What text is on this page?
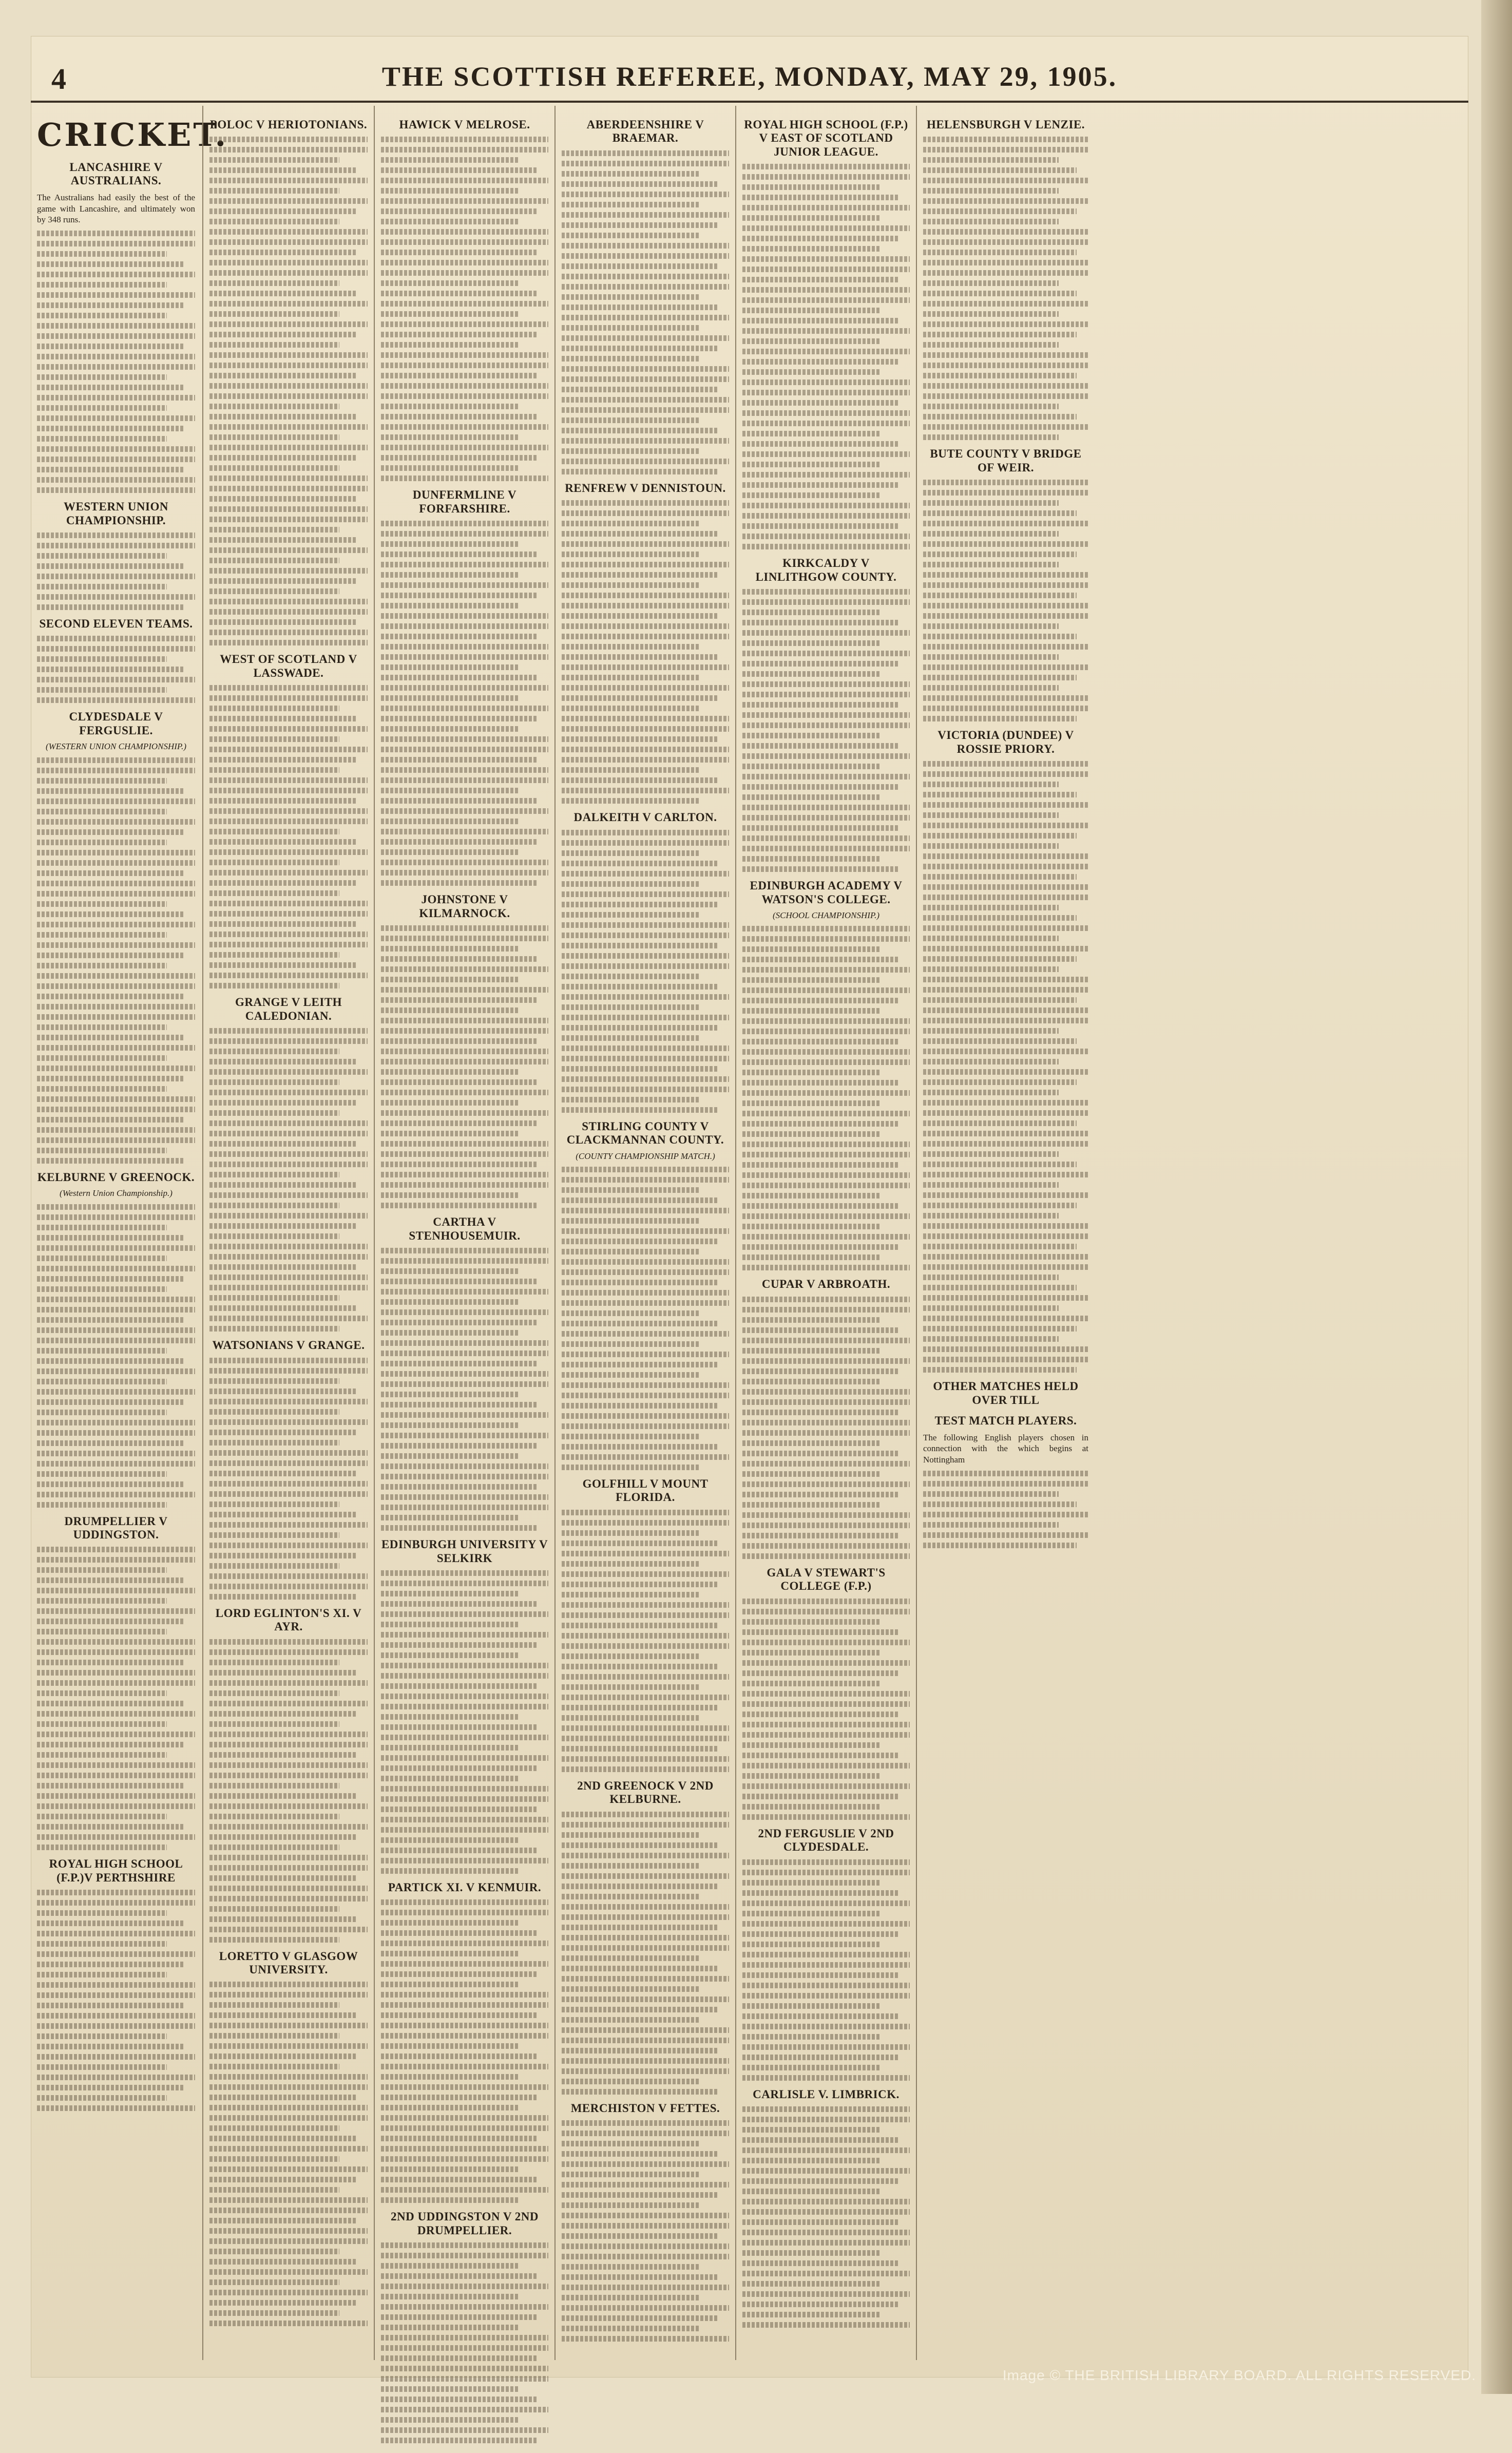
4	THE SCOTTISH REFEREE, MONDAY, MAY 29, 1905.
CRICKET.
LANCASHIRE V AUSTRALIANS.
The Australians had easily the best of the game with Lancashire, and ultimately won by 348 runs.
WESTERN UNION CHAMPIONSHIP.
SECOND ELEVEN TEAMS.
CLYDESDALE V FERGUSLIE.
(WESTERN UNION CHAMPIONSHIP.)
KELBURNE V GREENOCK.
(Western Union Championship.)
DRUMPELLIER V UDDINGSTON.
ROYAL HIGH SCHOOL (F.P.)V PERTHSHIRE
POLOC V HERIOTONIANS.
WEST OF SCOTLAND V LASSWADE.
GRANGE V LEITH CALEDONIAN.
WATSONIANS V GRANGE.
LORD EGLINTON'S XI. V AYR.
LORETTO V GLASGOW UNIVERSITY.
HAWICK V MELROSE.
DUNFERMLINE V FORFARSHIRE.
JOHNSTONE V KILMARNOCK.
CARTHA V STENHOUSEMUIR.
EDINBURGH UNIVERSITY V SELKIRK
PARTICK XI. V KENMUIR.
2ND UDDINGSTON V 2ND DRUMPELLIER.
ABERDEENSHIRE V BRAEMAR.
RENFREW V DENNISTOUN.
DALKEITH V CARLTON.
STIRLING COUNTY V CLACKMANNAN COUNTY.
(COUNTY CHAMPIONSHIP MATCH.)
GOLFHILL V MOUNT FLORIDA.
2ND GREENOCK V 2ND KELBURNE.
MERCHISTON V FETTES.
ROYAL HIGH SCHOOL (F.P.) V EAST OF SCOTLAND JUNIOR LEAGUE.
KIRKCALDY V LINLITHGOW COUNTY.
EDINBURGH ACADEMY V WATSON'S COLLEGE.
(SCHOOL CHAMPIONSHIP.)
CUPAR V ARBROATH.
GALA V STEWART'S COLLEGE (F.P.)
2ND FERGUSLIE V 2ND CLYDESDALE.
CARLISLE V. LIMBRICK.
HELENSBURGH V LENZIE.
BUTE COUNTY V BRIDGE OF WEIR.
VICTORIA (DUNDEE) V ROSSIE PRIORY.
OTHER MATCHES HELD OVER TILL
TEST MATCH PLAYERS.
The following English players chosen in connection with the which begins at Nottingham
Image © THE BRITISH LIBRARY BOARD. ALL RIGHTS RESERVED.
